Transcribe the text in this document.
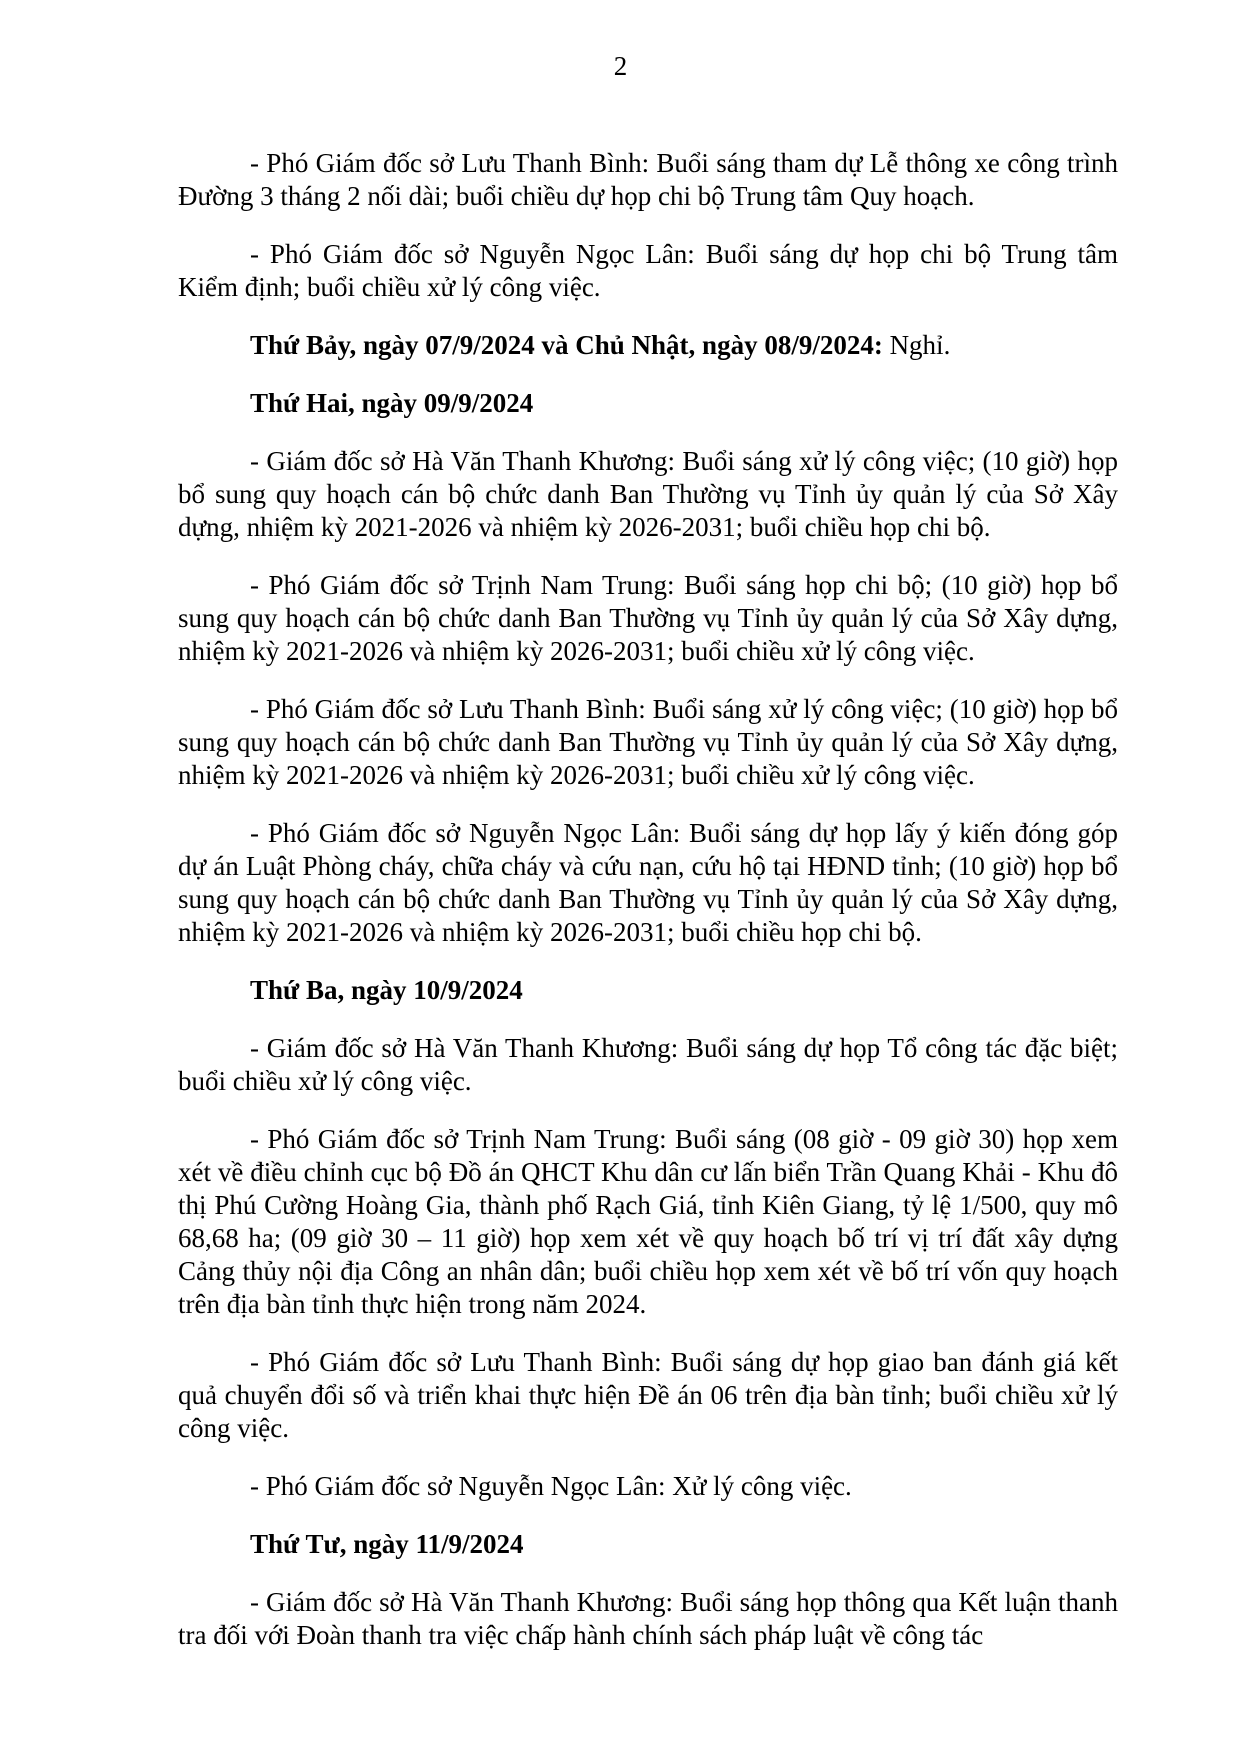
2

- Phó Giám đốc sở Lưu Thanh Bình: Buổi sáng tham dự Lễ thông xe công trình Đường 3 tháng 2 nối dài; buổi chiều dự họp chi bộ Trung tâm Quy hoạch.

- Phó Giám đốc sở Nguyễn Ngọc Lân: Buổi sáng dự họp chi bộ Trung tâm Kiểm định; buổi chiều xử lý công việc.

Thứ Bảy, ngày 07/9/2024 và Chủ Nhật, ngày 08/9/2024: Nghỉ.

Thứ Hai, ngày 09/9/2024

- Giám đốc sở Hà Văn Thanh Khương: Buổi sáng xử lý công việc; (10 giờ) họp bổ sung quy hoạch cán bộ chức danh Ban Thường vụ Tỉnh ủy quản lý của Sở Xây dựng, nhiệm kỳ 2021-2026 và nhiệm kỳ 2026-2031; buổi chiều họp chi bộ.

- Phó Giám đốc sở Trịnh Nam Trung: Buổi sáng họp chi bộ; (10 giờ) họp bổ sung quy hoạch cán bộ chức danh Ban Thường vụ Tỉnh ủy quản lý của Sở Xây dựng, nhiệm kỳ 2021-2026 và nhiệm kỳ 2026-2031; buổi chiều xử lý công việc.

- Phó Giám đốc sở Lưu Thanh Bình: Buổi sáng xử lý công việc; (10 giờ) họp bổ sung quy hoạch cán bộ chức danh Ban Thường vụ Tỉnh ủy quản lý của Sở Xây dựng, nhiệm kỳ 2021-2026 và nhiệm kỳ 2026-2031; buổi chiều xử lý công việc.

- Phó Giám đốc sở Nguyễn Ngọc Lân: Buổi sáng dự họp lấy ý kiến đóng góp dự án Luật Phòng cháy, chữa cháy và cứu nạn, cứu hộ tại HĐND tỉnh; (10 giờ) họp bổ sung quy hoạch cán bộ chức danh Ban Thường vụ Tỉnh ủy quản lý của Sở Xây dựng, nhiệm kỳ 2021-2026 và nhiệm kỳ 2026-2031; buổi chiều họp chi bộ.

Thứ Ba, ngày 10/9/2024

- Giám đốc sở Hà Văn Thanh Khương: Buổi sáng dự họp Tổ công tác đặc biệt; buổi chiều xử lý công việc.

- Phó Giám đốc sở Trịnh Nam Trung: Buổi sáng (08 giờ - 09 giờ 30) họp xem xét về điều chỉnh cục bộ Đồ án QHCT Khu dân cư lấn biển Trần Quang Khải - Khu đô thị Phú Cường Hoàng Gia, thành phố Rạch Giá, tỉnh Kiên Giang, tỷ lệ 1/500, quy mô 68,68 ha; (09 giờ 30 – 11 giờ) họp xem xét về quy hoạch bố trí vị trí đất xây dựng Cảng thủy nội địa Công an nhân dân; buổi chiều họp xem xét về bố trí vốn quy hoạch trên địa bàn tỉnh thực hiện trong năm 2024.

- Phó Giám đốc sở Lưu Thanh Bình: Buổi sáng dự họp giao ban đánh giá kết quả chuyển đổi số và triển khai thực hiện Đề án 06 trên địa bàn tỉnh; buổi chiều xử lý công việc.

- Phó Giám đốc sở Nguyễn Ngọc Lân: Xử lý công việc.

Thứ Tư, ngày 11/9/2024

- Giám đốc sở Hà Văn Thanh Khương: Buổi sáng họp thông qua Kết luận thanh tra đối với Đoàn thanh tra việc chấp hành chính sách pháp luật về công tác
